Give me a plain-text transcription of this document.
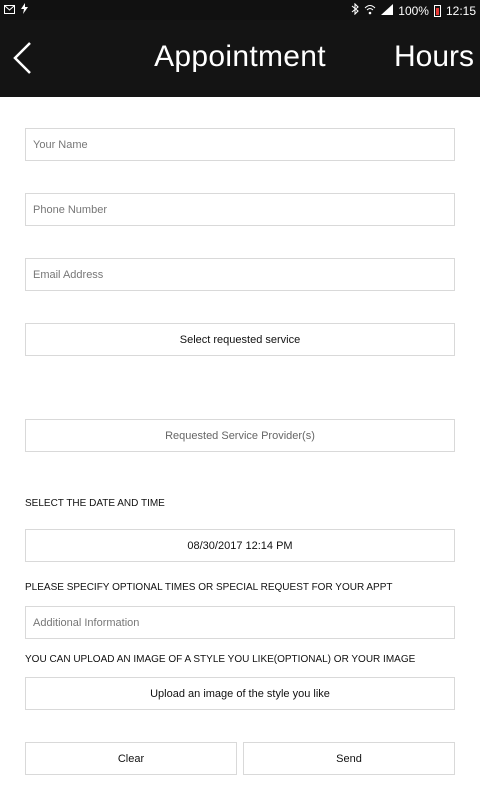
100% 12:15
Appointment	Hours
Your Name
Phone Number
Email Address
Select requested service
Requested Service Provider(s)
SELECT THE DATE AND TIME
08/30/2017 12:14 PM
PLEASE SPECIFY OPTIONAL TIMES OR SPECIAL REQUEST FOR YOUR APPT
Additional Information
YOU CAN UPLOAD AN IMAGE OF A STYLE YOU LIKE(OPTIONAL) OR YOUR IMAGE
Upload an image of the style you like
Clear	Send
